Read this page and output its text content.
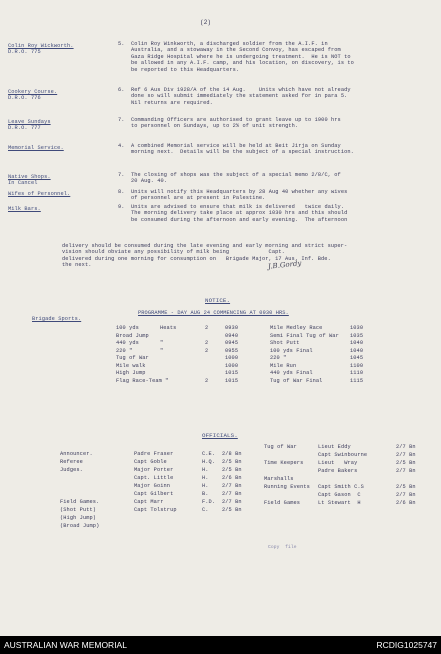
(2)
Colin Roy Wickworth.
D.R.O. 775
5. Colin Roy Winkworth, a discharged soldier from the A.I.F. in
Australia, and a stowaway in the Second Convoy, has escaped from
Gaza Ridge Hospital where he is undergoing treatment.  He is NOT to
be allowed in any A.I.F. camp, and his location, on discovery, is to
be reported to this Headquarters.
Cookery Course.
D.R.O. 776
6. Ref 6 Aus Div 1928/A of the 14 Aug.    Units which have not already
done so will submit immediately the statement asked for in para 5.
Nil returns are required.
Leave Sundays
D.R.O. 777
7. Commanding Officers are authorised to grant leave up to 1900 hrs
to personnel on Sundays, up to 2% of unit strength.
Memorial Service.	4. A combined Memorial service will be held at Beit Jirja on Sunday
morning next.  Details will be the subject of a special instruction.
Native Shops.
In Cancel
7. The closing of shops was the subject of a special memo 2/8/C, of
20 Aug. 40.
Wifes of Personnel.	8. Units will notify this Headquarters by 28 Aug 40 whether any wives
of personnel are at present in Palestine.
Milk Bars.	9. Units are advised to ensure that milk is delivered   twice daily.
The morning delivery take place at approx 1030 hrs and this should
be consumed during the afternoon and early evening.  The afternoon
delivery should be consumed during the late evening and early morning and strict super-
vision should obviate any possibility of milk being            Capt.
delivered during one morning for consumption on   Brigade Major, 17 Aus. Inf. Bde.
the next.	J.B.Gordy
NOTICE.
Brigade Sports.
PROGRAMME - DAY AUG 24 COMMENCING AT 0930 HRS.
100 yds	Heats	2	0930
Broad Jump	0940
440 yds	"	2	0945
220 "	"	2	0955
Tug of War	1000
Mile walk	1000
High Jump	1015
Flag Race-Team "	2	1015
Mile Medley Race	1030
Semi Final Tug of War 1035
Shot Putt	1040
100 yds Final	1040
220 "	1045
Mile Run	1100
440 yds Final	1110
Tug of War Final	1115
OFFICIALS.
Announcer.	Padre Fraser	C.E. 2/8 Bn
Referee	Capt Goble	H.Q. 2/5 Bn
Judges.	Major Porter	H.	2/5 Bn
Capt. Little	H.	2/6 Bn
Major Goinn	H.	2/7 Bn
Capt Gilbert	B.	2/7 Bn
Field Games.	Capt Marr	F.D. 2/7 Bn
(Shot Putt)	Capt Tolstrup	C.	2/5 Bn
(High Jump)
(Broad Jump)
Tug of War	Lieut Eddy	2/7 Bn
Capt Swinbourne	2/7 Bn
Time Keepers	Lieut   Wray	2/5 Bn
Padre Bakers	2/7 Bn
Marshalls
Running Events Capt Smith C.S	2/5 Bn
Capt Gason  C	2/7 Bn
Field Games	Lt Stewart  H	2/6 Bn
Copy  file
AUSTRALIAN WAR MEMORIAL	RCDIG1025747
